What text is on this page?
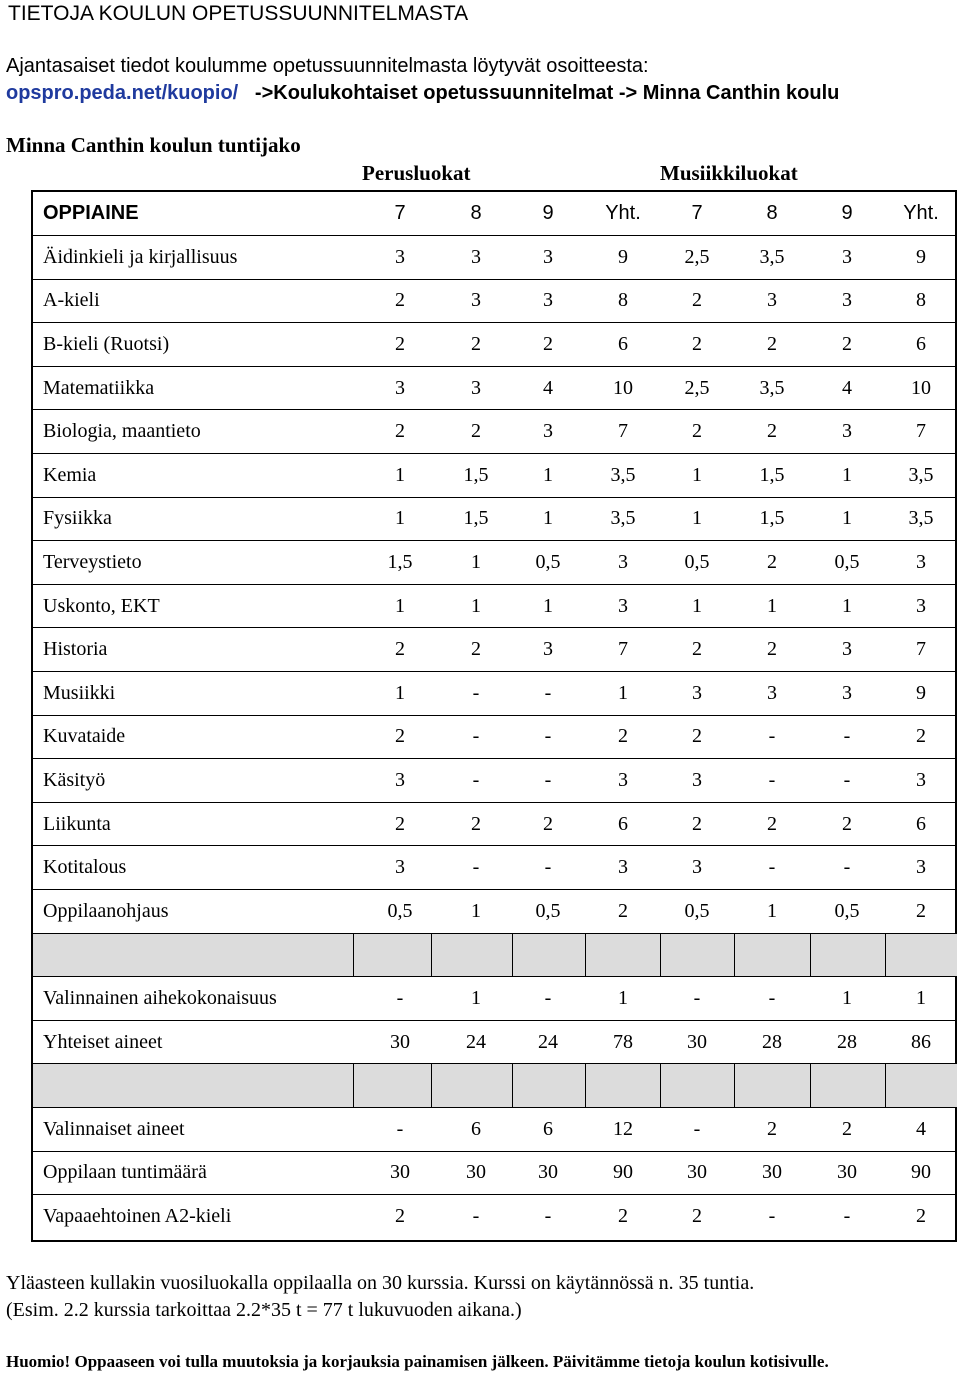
TIETOJA KOULUN OPETUSSUUNNITELMASTA
Ajantasaiset tiedot koulumme opetussuunnitelmasta löytyvät osoitteesta:
opspro.peda.net/kuopio/ ->Koulukohtaiset opetussuunnitelmat -> Minna Canthin koulu
Minna Canthin koulun tuntijako
Perusluokat	Musiikkiluokat
OPPIAINE	7	8	9	Yht.	7	8	9	Yht.
Äidinkieli ja kirjallisuus	3	3	3	9	2,5	3,5	3	9
A-kieli	2	3	3	8	2	3	3	8
B-kieli (Ruotsi)	2	2	2	6	2	2	2	6
Matematiikka	3	3	4	10	2,5	3,5	4	10
Biologia, maantieto	2	2	3	7	2	2	3	7
Kemia	1	1,5	1	3,5	1	1,5	1	3,5
Fysiikka	1	1,5	1	3,5	1	1,5	1	3,5
Terveystieto	1,5	1	0,5	3	0,5	2	0,5	3
Uskonto, EKT	1	1	1	3	1	1	1	3
Historia	2	2	3	7	2	2	3	7
Musiikki	1	-	-	1	3	3	3	9
Kuvataide	2	-	-	2	2	-	-	2
Käsityö	3	-	-	3	3	-	-	3
Liikunta	2	2	2	6	2	2	2	6
Kotitalous	3	-	-	3	3	-	-	3
Oppilaanohjaus	0,5	1	0,5	2	0,5	1	0,5	2
Valinnainen aihekokonaisuus	-	1	-	1	-	-	1	1
Yhteiset aineet	30	24	24	78	30	28	28	86
Valinnaiset aineet	-	6	6	12	-	2	2	4
Oppilaan tuntimäärä	30	30	30	90	30	30	30	90
Vapaaehtoinen A2-kieli	2	-	-	2	2	-	-	2
Yläasteen kullakin vuosiluokalla oppilaalla on 30 kurssia. Kurssi on käytännössä n. 35 tuntia.
(Esim. 2.2 kurssia tarkoittaa 2.2*35 t = 77 t lukuvuoden aikana.)
Huomio! Oppaaseen voi tulla muutoksia ja korjauksia painamisen jälkeen. Päivitämme tietoja koulun kotisivulle.
